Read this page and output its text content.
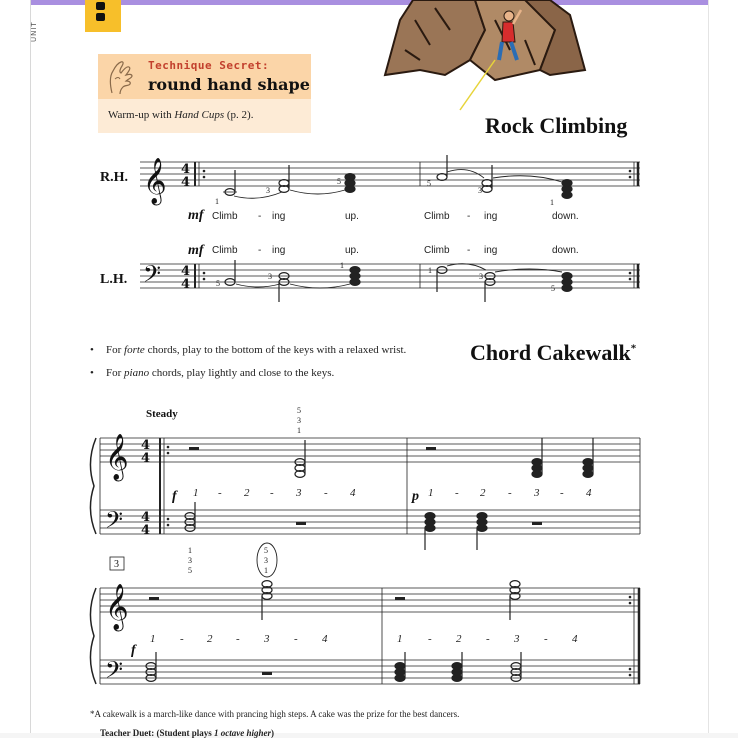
UNIT
Technique Secret:
round hand shape
Warm-up with Hand Cups (p. 2).	Rock Climbing
Chord Cakewalk*
• For forte chords, play to the bottom of the keys with a relaxed wrist.
• For piano chords, play lightly and close to the keys.
R.H. 𝄞 4
4
1
3
5	5
3
1
mf Climb - ing	up.	Climb - ing	down.
mf Climb - ing	up.	Climb - ing	down.
L.H. 𝄢 4
4	5
3
1
1
3
5
Steady	5
3
1
𝄞
𝄢
4
4
4
4
f 1 - 2 - 3 - 4	p 1 - 2 - 3 - 4
1
3
5
3
5
3
1
𝄞
𝄢
f
1 - 2 - 3 - 4	1 - 2 - 3 - 4
*A cakewalk is a march-like dance with prancing high steps. A cake was the prize for the best dancers.
Teacher Duet: (Student plays 1 octave higher)
